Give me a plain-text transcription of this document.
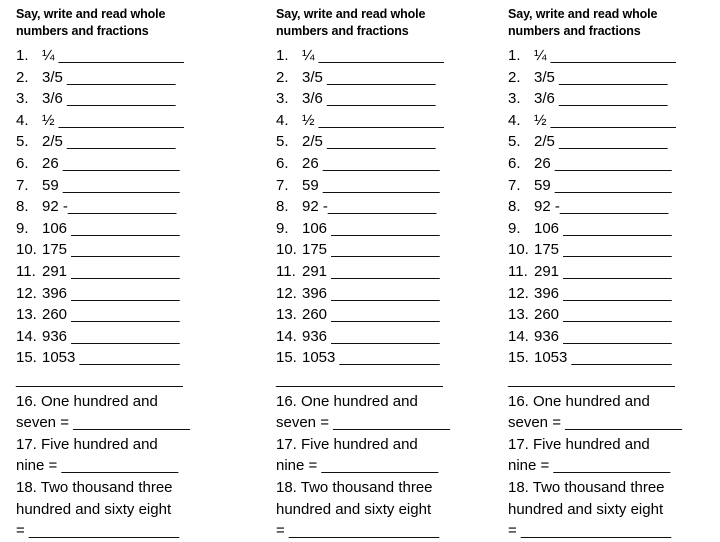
Say, write and read whole numbers and fractions
1. ¼ _______________
2. 3/5 _____________
3. 3/6 _____________
4. ½ _______________
5. 2/5 _____________
6. 26 ______________
7. 59 ______________
8. 92 -_____________
9. 106 _____________
10. 175 _____________
11. 291 _____________
12. 396 _____________
13. 260 _____________
14. 936 _____________
15. 1053 ____________
____________________
16. One hundred and
seven = ______________
17. Five hundred and
nine = ______________
18. Two thousand three
hundred and sixty eight
= __________________
Say, write and read whole numbers and fractions
1. ¼ _______________
2. 3/5 _____________
3. 3/6 _____________
4. ½ _______________
5. 2/5 _____________
6. 26 ______________
7. 59 ______________
8. 92 -_____________
9. 106 _____________
10. 175 _____________
11. 291 _____________
12. 396 _____________
13. 260 _____________
14. 936 _____________
15. 1053 ____________
____________________
16. One hundred and
seven = ______________
17. Five hundred and
nine = ______________
18. Two thousand three
hundred and sixty eight
= __________________
Say, write and read whole numbers and fractions
1. ¼ _______________
2. 3/5 _____________
3. 3/6 _____________
4. ½ _______________
5. 2/5 _____________
6. 26 ______________
7. 59 ______________
8. 92 -_____________
9. 106 _____________
10. 175 _____________
11. 291 _____________
12. 396 _____________
13. 260 _____________
14. 936 _____________
15. 1053 ____________
____________________
16. One hundred and
seven = ______________
17. Five hundred and
nine = ______________
18. Two thousand three
hundred and sixty eight
= __________________
